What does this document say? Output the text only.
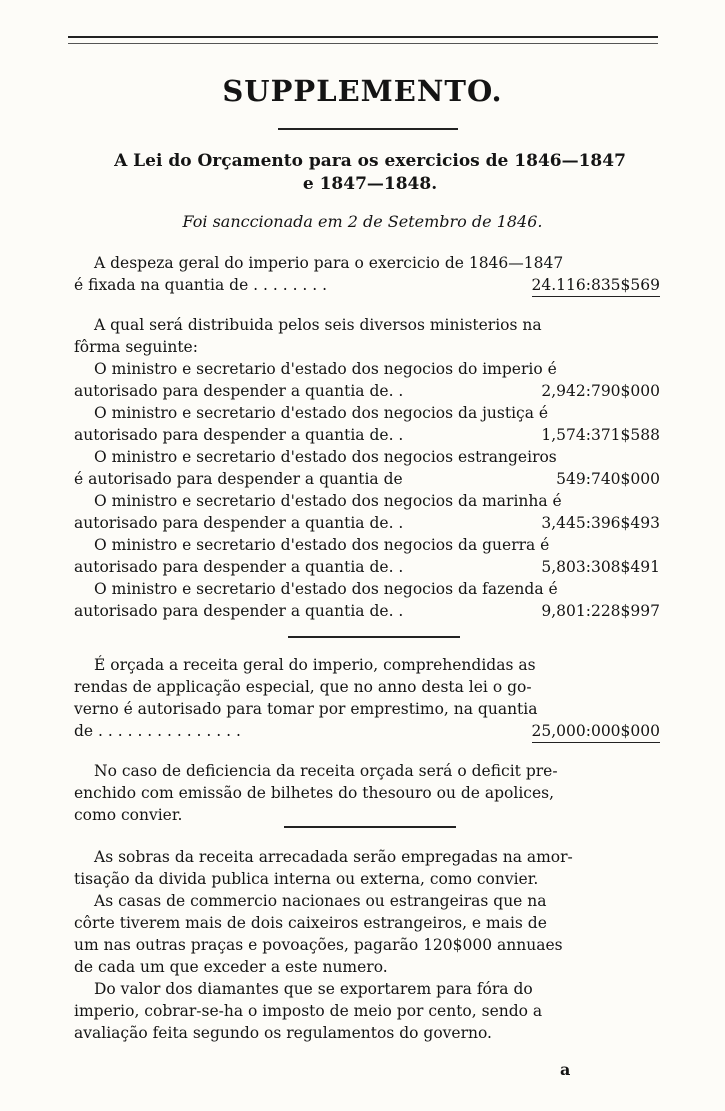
SUPPLEMENTO.
A Lei do Orçamento para os exercicios de 1846—1847
e 1847—1848.
Foi sanccionada em 2 de Setembro de 1846.
A despeza geral do imperio para o exercicio de 1846—1847
é fixada na quantia de . . . . . . . .	24.116:835$569
A qual será distribuida pelos seis diversos ministerios na
fôrma seguinte:
O ministro e secretario d'estado dos negocios do imperio é
autorisado para despender a quantia de. .	2,942:790$000
O ministro e secretario d'estado dos negocios da justiça é
autorisado para despender a quantia de. .	1,574:371$588
O ministro e secretario d'estado dos negocios estrangeiros
é autorisado para despender a quantia de	549:740$000
O ministro e secretario d'estado dos negocios da marinha é
autorisado para despender a quantia de. .	3,445:396$493
O ministro e secretario d'estado dos negocios da guerra é
autorisado para despender a quantia de. .	5,803:308$491
O ministro e secretario d'estado dos negocios da fazenda é
autorisado para despender a quantia de. .	9,801:228$997
É orçada a receita geral do imperio, comprehendidas as
rendas de applicação especial, que no anno desta lei o go-
verno é autorisado para tomar por emprestimo, na quantia
de . . . . . . . . . . . . . . .	25,000:000$000
No caso de deficiencia da receita orçada será o deficit pre-
enchido com emissão de bilhetes do thesouro ou de apolices,
como convier.
As sobras da receita arrecadada serão empregadas na amor-
tisação da divida publica interna ou externa, como convier.
As casas de commercio nacionaes ou estrangeiras que na
côrte tiverem mais de dois caixeiros estrangeiros, e mais de
um nas outras praças e povoações, pagarão 120$000 annuaes
de cada um que exceder a este numero.
Do valor dos diamantes que se exportarem para fóra do
imperio, cobrar-se-ha o imposto de meio por cento, sendo a
avaliação feita segundo os regulamentos do governo.
a
